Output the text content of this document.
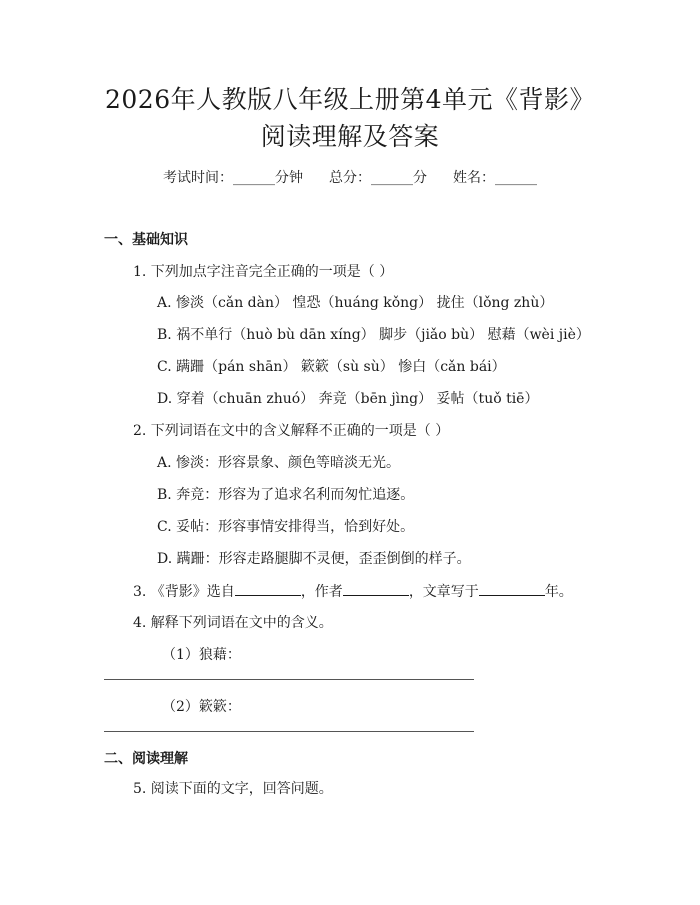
2026年人教版八年级上册第4单元《背影》
阅读理解及答案
考试时间：______分钟 总分：______分 姓名：______
一、基础知识
1. 下列加点字注音完全正确的一项是（ ）
A. 惨淡（cǎn dàn） 惶恐（huáng kǒng） 拢住（lǒng zhù）
B. 祸不单行（huò bù dān xíng） 脚步（jiǎo bù） 慰藉（wèi jiè）
C. 蹒跚（pán shān） 簌簌（sù sù） 惨白（cǎn bái）
D. 穿着（chuān zhuó） 奔竞（bēn jìng） 妥帖（tuǒ tiē）
2. 下列词语在文中的含义解释不正确的一项是（ ）
A. 惨淡：形容景象、颜色等暗淡无光。
B. 奔竞：形容为了追求名利而匆忙追逐。
C. 妥帖：形容事情安排得当，恰到好处。
D. 蹒跚：形容走路腿脚不灵便，歪歪倒倒的样子。
3. 《背影》选自	，作者	，文章写于	年。
4. 解释下列词语在文中的含义。
（1）狼藉：
（2）簌簌：
二、阅读理解
5. 阅读下面的文字，回答问题。
